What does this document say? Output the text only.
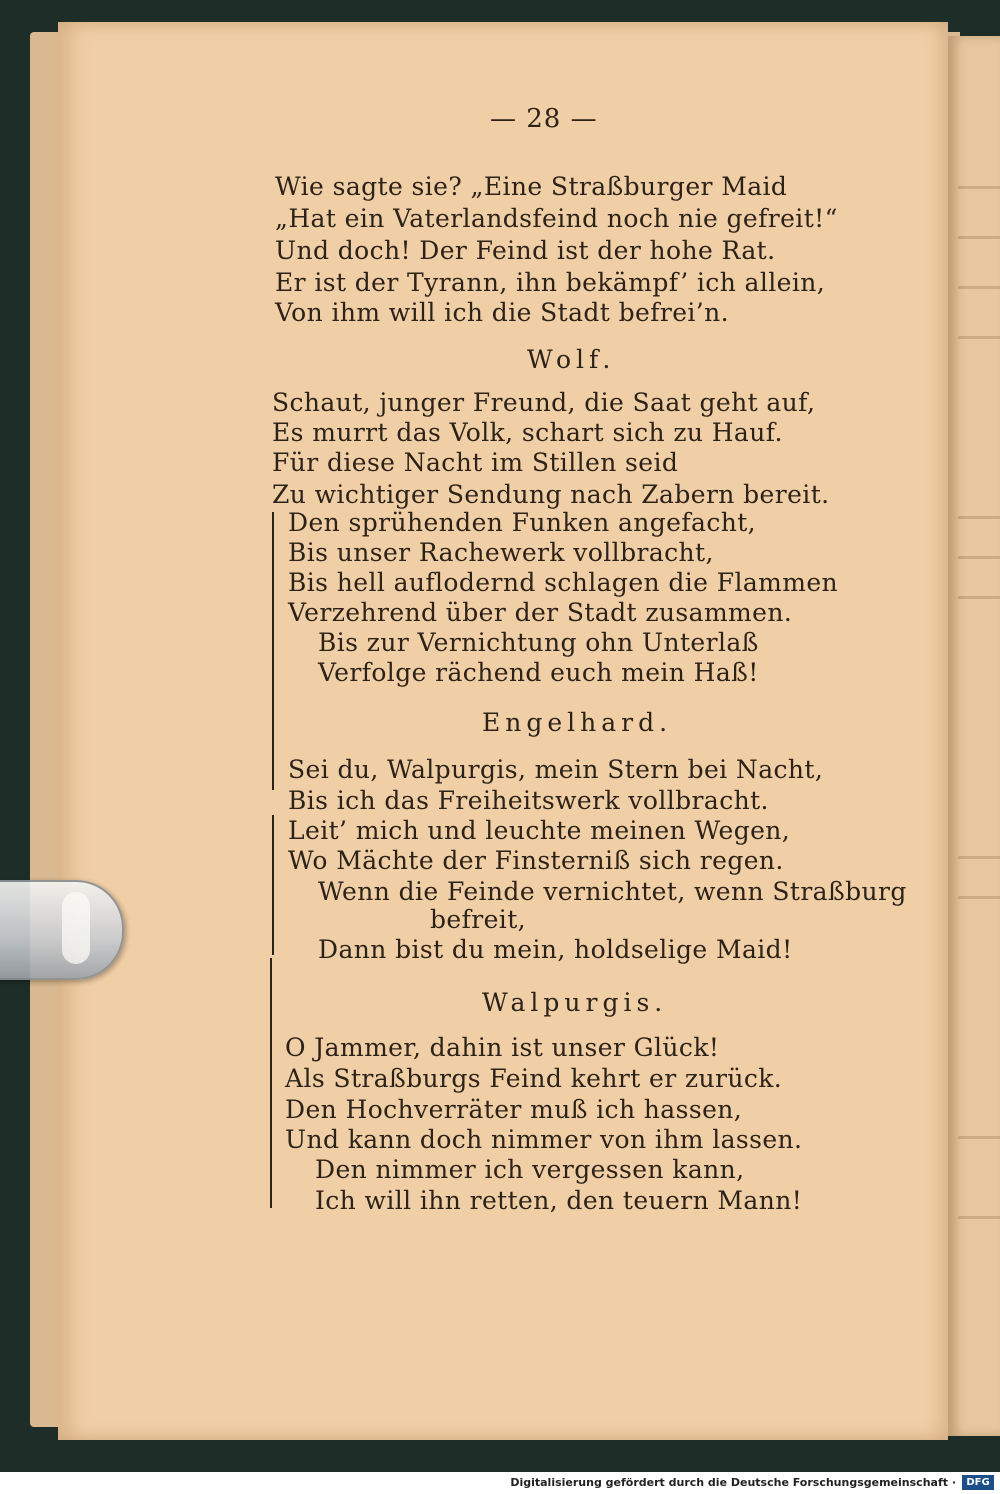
— 28 —
Wie sagte sie? „Eine Straßburger Maid
„Hat ein Vaterlandsfeind noch nie gefreit!“
Und doch! Der Feind ist der hohe Rat.
Er ist der Tyrann, ihn bekämpf’ ich allein,
Von ihm will ich die Stadt befrei’n.
Wolf.
Schaut, junger Freund, die Saat geht auf,
Es murrt das Volk, schart sich zu Hauf.
Für diese Nacht im Stillen seid
Zu wichtiger Sendung nach Zabern bereit.
Den sprühenden Funken angefacht,
Bis unser Rachewerk vollbracht,
Bis hell auflodernd schlagen die Flammen
Verzehrend über der Stadt zusammen.
Bis zur Vernichtung ohn Unterlaß
Verfolge rächend euch mein Haß!
Engelhard.
Sei du, Walpurgis, mein Stern bei Nacht,
Bis ich das Freiheitswerk vollbracht.
Leit’ mich und leuchte meinen Wegen,
Wo Mächte der Finsterniß sich regen.
Wenn die Feinde vernichtet, wenn Straßburg
befreit,
Dann bist du mein, holdselige Maid!
Walpurgis.
O Jammer, dahin ist unser Glück!
Als Straßburgs Feind kehrt er zurück.
Den Hochverräter muß ich hassen,
Und kann doch nimmer von ihm lassen.
Den nimmer ich vergessen kann,
Ich will ihn retten, den teuern Mann!
Digitalisierung gefördert durch die Deutsche Forschungsgemeinschaft ·	DFG
